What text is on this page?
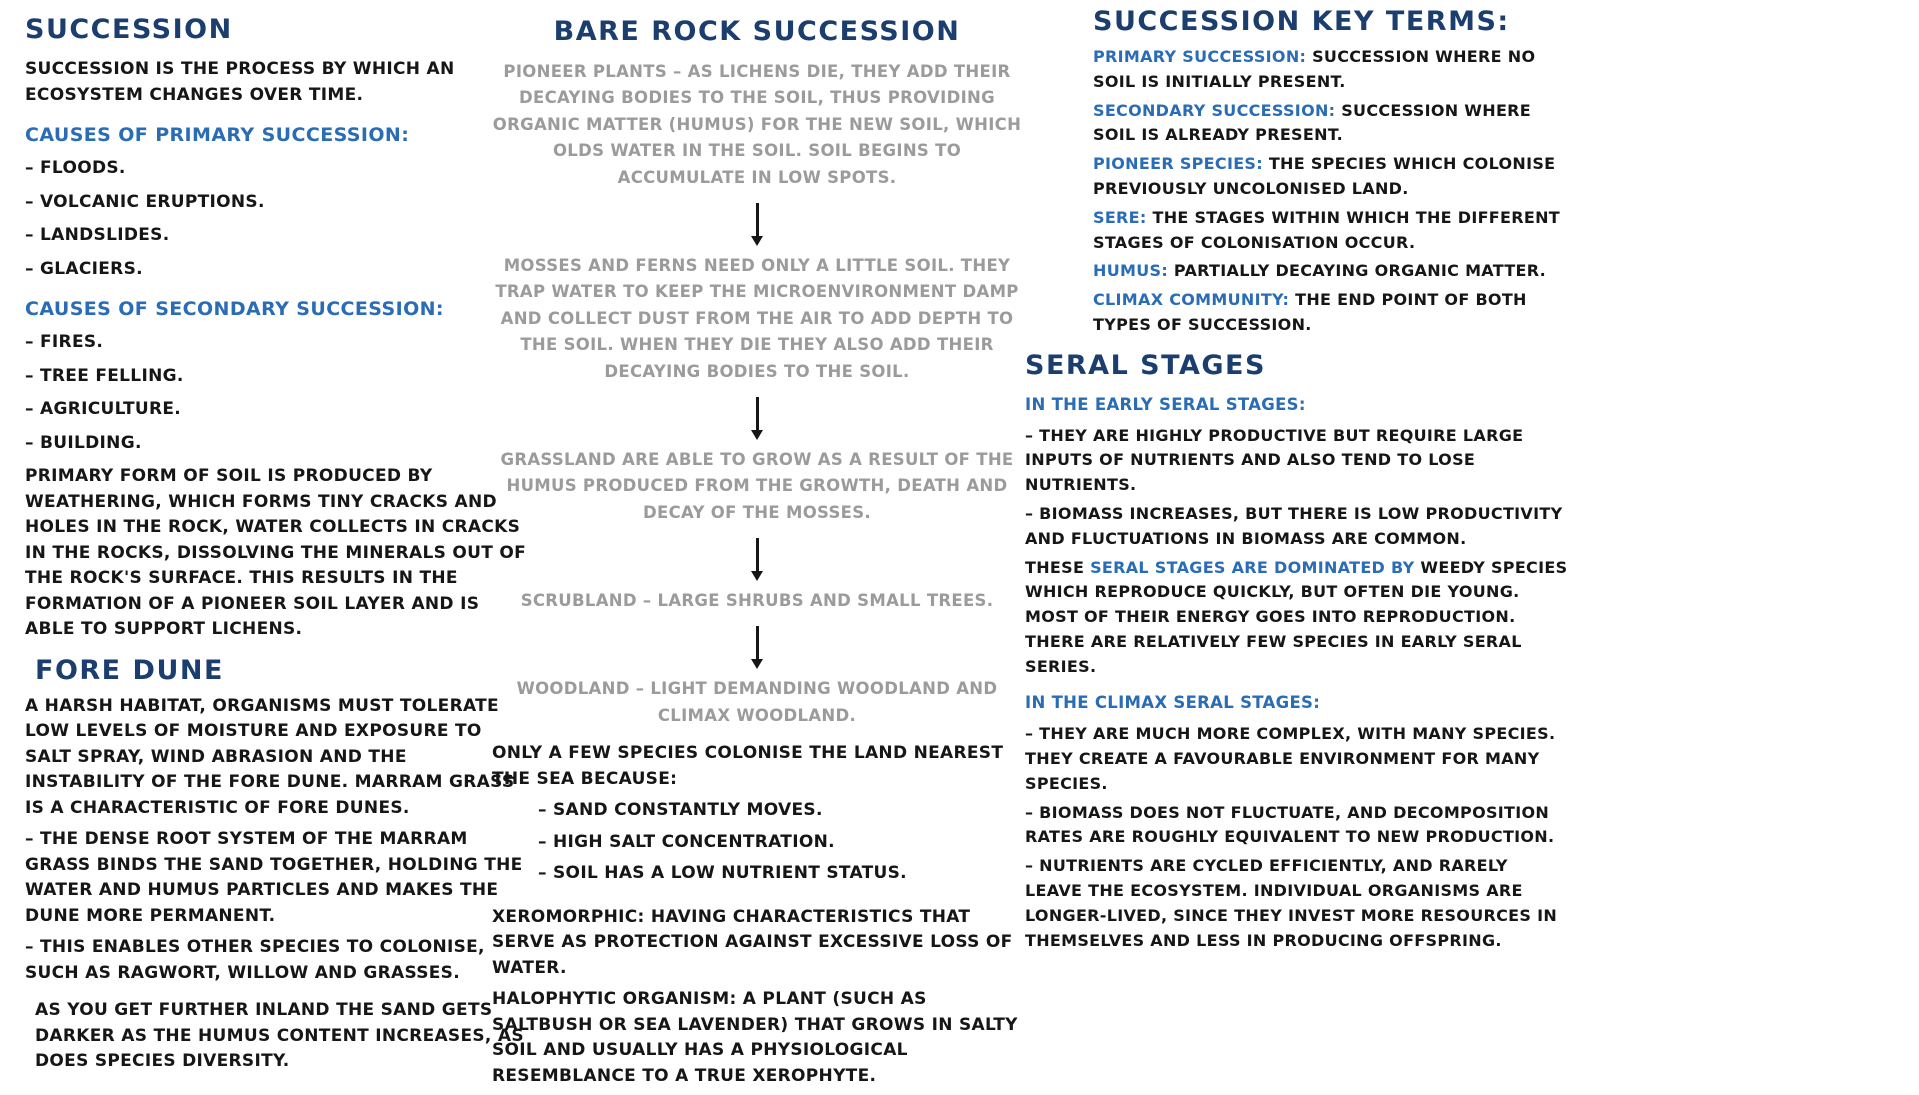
SUCCESSION

SUCCESSION IS THE PROCESS BY WHICH AN ECOSYSTEM CHANGES OVER TIME.

CAUSES OF PRIMARY SUCCESSION:

– FLOODS.

– VOLCANIC ERUPTIONS.

– LANDSLIDES.

– GLACIERS.

CAUSES OF SECONDARY SUCCESSION:

– FIRES.

– TREE FELLING.

– AGRICULTURE.

– BUILDING.

PRIMARY FORM OF SOIL IS PRODUCED BY WEATHERING, WHICH FORMS TINY CRACKS AND HOLES IN THE ROCK, WATER COLLECTS IN CRACKS IN THE ROCKS, DISSOLVING THE MINERALS OUT OF THE ROCK'S SURFACE. THIS RESULTS IN THE FORMATION OF A PIONEER SOIL LAYER AND IS ABLE TO SUPPORT LICHENS.

FORE DUNE

A HARSH HABITAT, ORGANISMS MUST TOLERATE LOW LEVELS OF MOISTURE AND EXPOSURE TO SALT SPRAY, WIND ABRASION AND THE INSTABILITY OF THE FORE DUNE. MARRAM GRASS IS A CHARACTERISTIC OF FORE DUNES.

– THE DENSE ROOT SYSTEM OF THE MARRAM GRASS BINDS THE SAND TOGETHER, HOLDING THE WATER AND HUMUS PARTICLES AND MAKES THE DUNE MORE PERMANENT.

– THIS ENABLES OTHER SPECIES TO COLONISE, SUCH AS RAGWORT, WILLOW AND GRASSES.

AS YOU GET FURTHER INLAND THE SAND GETS DARKER AS THE HUMUS CONTENT INCREASES, AS DOES SPECIES DIVERSITY.

BARE ROCK SUCCESSION

PIONEER PLANTS – AS LICHENS DIE, THEY ADD THEIR DECAYING BODIES TO THE SOIL, THUS PROVIDING ORGANIC MATTER (HUMUS) FOR THE NEW SOIL, WHICH OLDS WATER IN THE SOIL. SOIL BEGINS TO ACCUMULATE IN LOW SPOTS.

MOSSES AND FERNS NEED ONLY A LITTLE SOIL. THEY TRAP WATER TO KEEP THE MICROENVIRONMENT DAMP AND COLLECT DUST FROM THE AIR TO ADD DEPTH TO THE SOIL. WHEN THEY DIE THEY ALSO ADD THEIR DECAYING BODIES TO THE SOIL.

GRASSLAND ARE ABLE TO GROW AS A RESULT OF THE HUMUS PRODUCED FROM THE GROWTH, DEATH AND DECAY OF THE MOSSES.

SCRUBLAND – LARGE SHRUBS AND SMALL TREES.

WOODLAND – LIGHT DEMANDING WOODLAND AND CLIMAX WOODLAND.

ONLY A FEW SPECIES COLONISE THE LAND NEAREST THE SEA BECAUSE:

– SAND CONSTANTLY MOVES.

– HIGH SALT CONCENTRATION.

– SOIL HAS A LOW NUTRIENT STATUS.

XEROMORPHIC: HAVING CHARACTERISTICS THAT SERVE AS PROTECTION AGAINST EXCESSIVE LOSS OF WATER.

HALOPHYTIC ORGANISM: A PLANT (SUCH AS SALTBUSH OR SEA LAVENDER) THAT GROWS IN SALTY SOIL AND USUALLY HAS A PHYSIOLOGICAL RESEMBLANCE TO A TRUE XEROPHYTE.

SUCCESSION KEY TERMS:

PRIMARY SUCCESSION: SUCCESSION WHERE NO SOIL IS INITIALLY PRESENT.

SECONDARY SUCCESSION: SUCCESSION WHERE SOIL IS ALREADY PRESENT.

PIONEER SPECIES: THE SPECIES WHICH COLONISE PREVIOUSLY UNCOLONISED LAND.

SERE: THE STAGES WITHIN WHICH THE DIFFERENT STAGES OF COLONISATION OCCUR.

HUMUS: PARTIALLY DECAYING ORGANIC MATTER.

CLIMAX COMMUNITY: THE END POINT OF BOTH TYPES OF SUCCESSION.

SERAL STAGES
IN THE EARLY SERAL STAGES:

– THEY ARE HIGHLY PRODUCTIVE BUT REQUIRE LARGE INPUTS OF NUTRIENTS AND ALSO TEND TO LOSE NUTRIENTS.

– BIOMASS INCREASES, BUT THERE IS LOW PRODUCTIVITY AND FLUCTUATIONS IN BIOMASS ARE COMMON.

THESE SERAL STAGES ARE DOMINATED BY WEEDY SPECIES WHICH REPRODUCE QUICKLY, BUT OFTEN DIE YOUNG. MOST OF THEIR ENERGY GOES INTO REPRODUCTION. THERE ARE RELATIVELY FEW SPECIES IN EARLY SERAL SERIES.

IN THE CLIMAX SERAL STAGES:

– THEY ARE MUCH MORE COMPLEX, WITH MANY SPECIES. THEY CREATE A FAVOURABLE ENVIRONMENT FOR MANY SPECIES.

– BIOMASS DOES NOT FLUCTUATE, AND DECOMPOSITION RATES ARE ROUGHLY EQUIVALENT TO NEW PRODUCTION.

– NUTRIENTS ARE CYCLED EFFICIENTLY, AND RARELY LEAVE THE ECOSYSTEM. INDIVIDUAL ORGANISMS ARE LONGER-LIVED, SINCE THEY INVEST MORE RESOURCES IN THEMSELVES AND LESS IN PRODUCING OFFSPRING.
